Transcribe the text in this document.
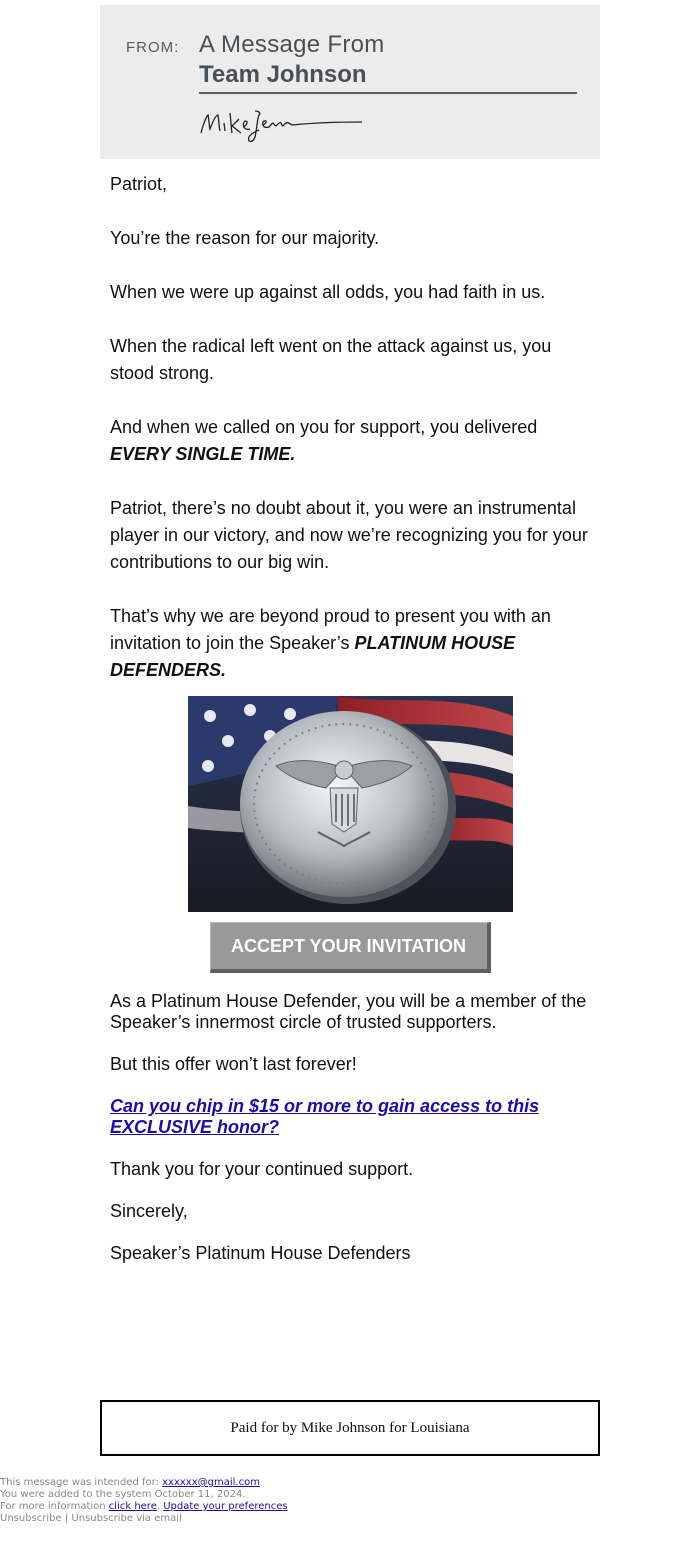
FROM: A Message From
Team Johnson

Patriot,

You’re the reason for our majority.

When we were up against all odds, you had faith in us.

When the radical left went on the attack against us, you stood strong.

And when we called on you for support, you delivered
EVERY SINGLE TIME.

Patriot, there’s no doubt about it, you were an instrumental player in our victory, and now we’re recognizing you for your contributions to our big win.

That’s why we are beyond proud to present you with an invitation to join the Speaker’s PLATINUM HOUSE DEFENDERS.

ACCEPT YOUR INVITATION

As a Platinum House Defender, you will be a member of the Speaker’s innermost circle of trusted supporters.

But this offer won’t last forever!

Can you chip in $15 or more to gain access to this EXCLUSIVE honor?

Thank you for your continued support.

Sincerely,

Speaker’s Platinum House Defenders

Paid for by Mike Johnson for Louisiana
This message was intended for: xxxxxx@gmail.com
You were added to the system October 11, 2024.
For more information click here. Update your preferences
Unsubscribe | Unsubscribe via email
